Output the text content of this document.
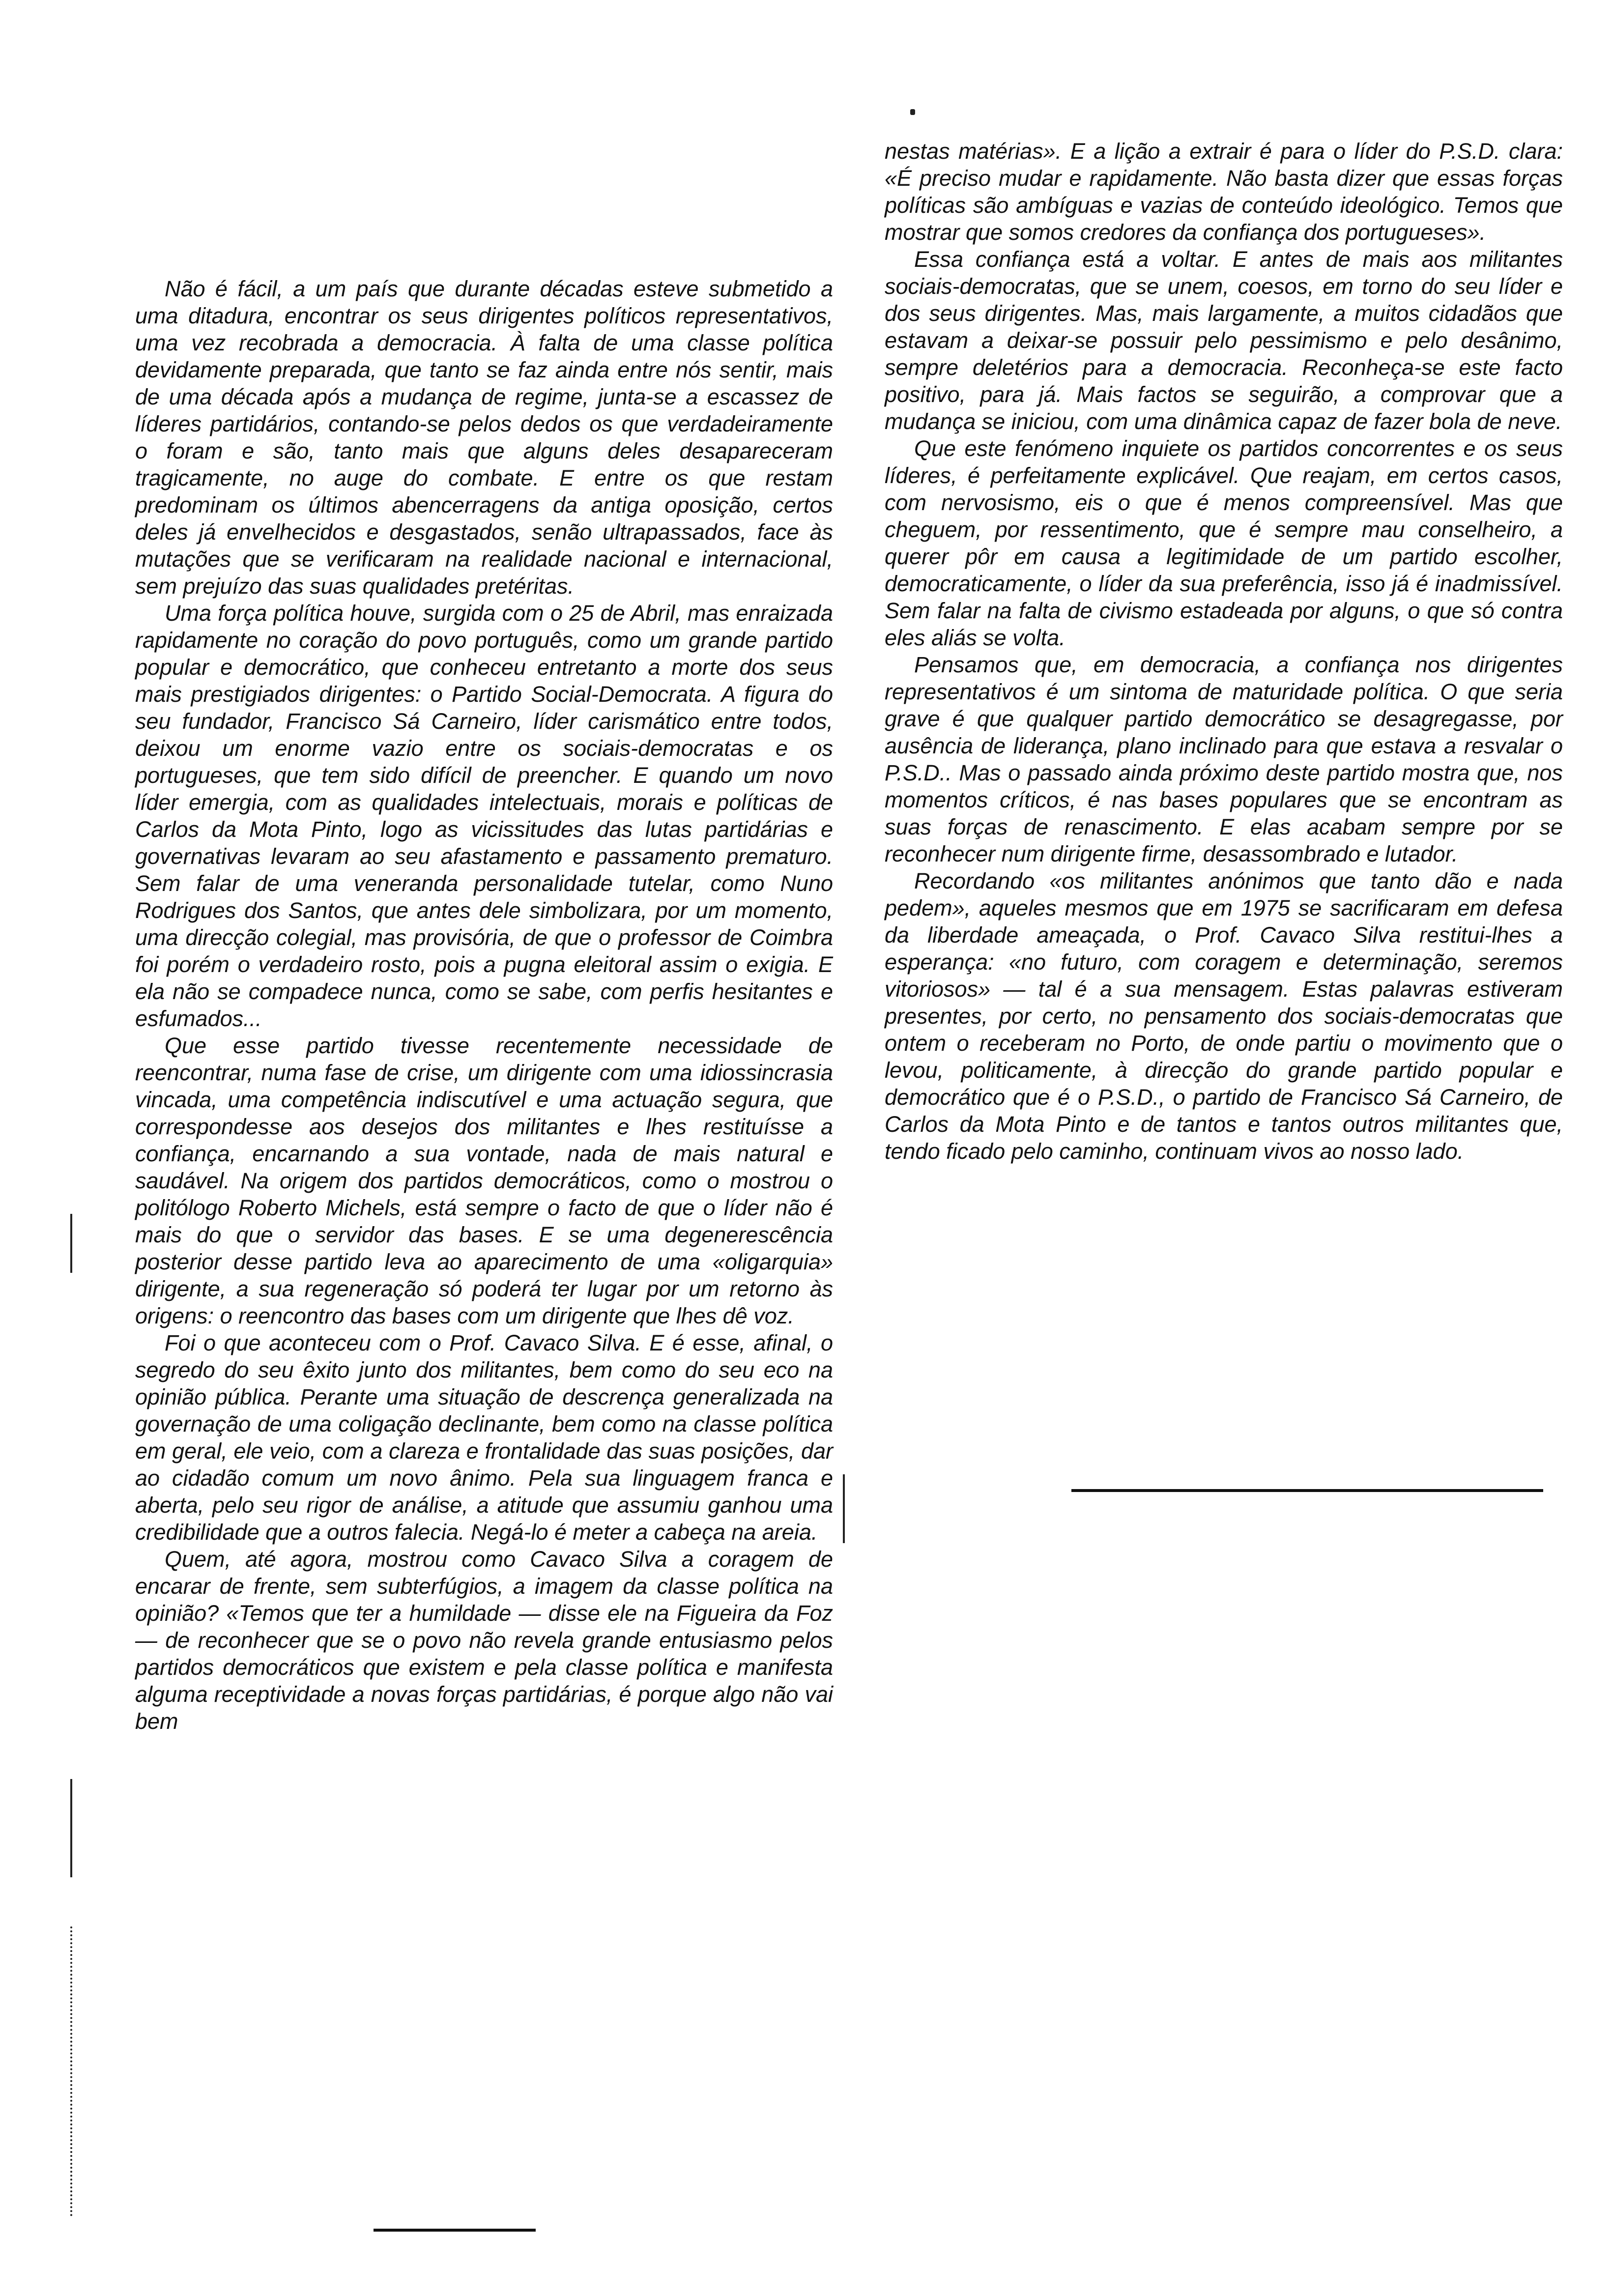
Não é fácil, a um país que durante décadas esteve submetido a uma ditadura, encontrar os seus dirigentes políticos representativos, uma vez recobrada a democracia. À falta de uma classe política devidamente preparada, que tanto se faz ainda entre nós sentir, mais de uma década após a mudança de regime, junta-se a escassez de líderes partidários, contando-se pelos dedos os que verdadeiramente o foram e são, tanto mais que alguns deles desapareceram tragicamente, no auge do combate. E entre os que restam predominam os últimos abencerragens da antiga oposição, certos deles já envelhecidos e desgastados, senão ultrapassados, face às mutações que se verificaram na realidade nacional e internacional, sem prejuízo das suas qualidades pretéritas.

Uma força política houve, surgida com o 25 de Abril, mas enraizada rapidamente no coração do povo português, como um grande partido popular e democrático, que conheceu entretanto a morte dos seus mais prestigiados dirigentes: o Partido Social-Democrata. A figura do seu fundador, Francisco Sá Carneiro, líder carismático entre todos, deixou um enorme vazio entre os sociais-democratas e os portugueses, que tem sido difícil de preencher. E quando um novo líder emergia, com as qualidades intelectuais, morais e políticas de Carlos da Mota Pinto, logo as vicissitudes das lutas partidárias e governativas levaram ao seu afastamento e passamento prematuro. Sem falar de uma veneranda personalidade tutelar, como Nuno Rodrigues dos Santos, que antes dele simbolizara, por um momento, uma direcção colegial, mas provisória, de que o professor de Coimbra foi porém o verdadeiro rosto, pois a pugna eleitoral assim o exigia. E ela não se compadece nunca, como se sabe, com perfis hesitantes e esfumados...

Que esse partido tivesse recentemente necessidade de reencontrar, numa fase de crise, um dirigente com uma idiossincrasia vincada, uma competência indiscutível e uma actuação segura, que correspondesse aos desejos dos militantes e lhes restituísse a confiança, encarnando a sua vontade, nada de mais natural e saudável. Na origem dos partidos democráticos, como o mostrou o politólogo Roberto Michels, está sempre o facto de que o líder não é mais do que o servidor das bases. E se uma degenerescência posterior desse partido leva ao aparecimento de uma «oligarquia» dirigente, a sua regeneração só poderá ter lugar por um retorno às origens: o reencontro das bases com um dirigente que lhes dê voz.

Foi o que aconteceu com o Prof. Cavaco Silva. E é esse, afinal, o segredo do seu êxito junto dos militantes, bem como do seu eco na opinião pública. Perante uma situação de descrença generalizada na governação de uma coligação declinante, bem como na classe política em geral, ele veio, com a clareza e frontalidade das suas posições, dar ao cidadão comum um novo ânimo. Pela sua linguagem franca e aberta, pelo seu rigor de análise, a atitude que assumiu ganhou uma credibilidade que a outros falecia. Negá-lo é meter a cabeça na areia.

Quem, até agora, mostrou como Cavaco Silva a coragem de encarar de frente, sem subterfúgios, a imagem da classe política na opinião? «Temos que ter a humildade — disse ele na Figueira da Foz — de reconhecer que se o povo não revela grande entusiasmo pelos partidos democráticos que existem e pela classe política e manifesta alguma receptividade a novas forças partidárias, é porque algo não vai bem

nestas matérias». E a lição a extrair é para o líder do P.S.D. clara: «É preciso mudar e rapidamente. Não basta dizer que essas forças políticas são ambíguas e vazias de conteúdo ideológico. Temos que mostrar que somos credores da confiança dos portugueses».

Essa confiança está a voltar. E antes de mais aos militantes sociais-democratas, que se unem, coesos, em torno do seu líder e dos seus dirigentes. Mas, mais largamente, a muitos cidadãos que estavam a deixar-se possuir pelo pessimismo e pelo desânimo, sempre deletérios para a democracia. Reconheça-se este facto positivo, para já. Mais factos se seguirão, a comprovar que a mudança se iniciou, com uma dinâmica capaz de fazer bola de neve.

Que este fenómeno inquiete os partidos concorrentes e os seus líderes, é perfeitamente explicável. Que reajam, em certos casos, com nervosismo, eis o que é menos compreensível. Mas que cheguem, por ressentimento, que é sempre mau conselheiro, a querer pôr em causa a legitimidade de um partido escolher, democraticamente, o líder da sua preferência, isso já é inadmissível. Sem falar na falta de civismo estadeada por alguns, o que só contra eles aliás se volta.

Pensamos que, em democracia, a confiança nos dirigentes representativos é um sintoma de maturidade política. O que seria grave é que qualquer partido democrático se desagregasse, por ausência de liderança, plano inclinado para que estava a resvalar o P.S.D.. Mas o passado ainda próximo deste partido mostra que, nos momentos críticos, é nas bases populares que se encontram as suas forças de renascimento. E elas acabam sempre por se reconhecer num dirigente firme, desassombrado e lutador.

Recordando «os militantes anónimos que tanto dão e nada pedem», aqueles mesmos que em 1975 se sacrificaram em defesa da liberdade ameaçada, o Prof. Cavaco Silva restitui-lhes a esperança: «no futuro, com coragem e determinação, seremos vitoriosos» — tal é a sua mensagem. Estas palavras estiveram presentes, por certo, no pensamento dos sociais-democratas que ontem o receberam no Porto, de onde partiu o movimento que o levou, politicamente, à direcção do grande partido popular e democrático que é o P.S.D., o partido de Francisco Sá Carneiro, de Carlos da Mota Pinto e de tantos e tantos outros militantes que, tendo ficado pelo caminho, continuam vivos ao nosso lado.
